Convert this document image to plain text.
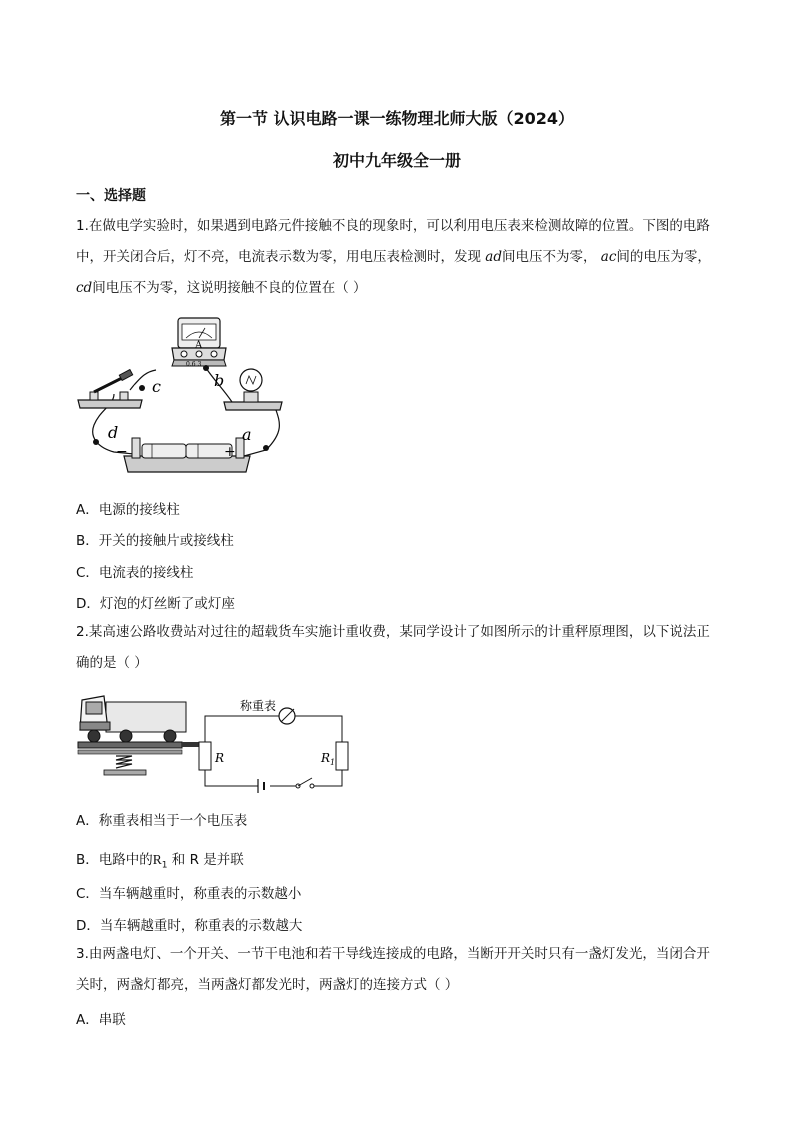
第一节 认识电路一课一练物理北师大版（2024）
初中九年级全一册
一、选择题
1.在做电学实验时，如果遇到电路元件接触不良的现象时，可以利用电压表来检测故障的位置。下图的电路中，开关闭合后，灯不亮，电流表示数为零，用电压表检测时，发现 ad间电压不为零， ac间的电压为零， cd间电压不为零，这说明接触不良的位置在（ ）
A
0.6 3
c	b
d	a
−	+
A．电源的接线柱
B．开关的接触片或接线柱
C．电流表的接线柱
D．灯泡的灯丝断了或灯座
2.某高速公路收费站对过往的超载货车实施计重收费，某同学设计了如图所示的计重秤原理图，以下说法正确的是（ ）
称重表
R	$R_1$
A．称重表相当于一个电压表
B．电路中的$R_1$ 和 R 是并联
C．当车辆越重时，称重表的示数越小
D．当车辆越重时，称重表的示数越大
3.由两盏电灯、一个开关、一节干电池和若干导线连接成的电路，当断开开关时只有一盏灯发光，当闭合开关时，两盏灯都亮，当两盏灯都发光时，两盏灯的连接方式（ ）
A．串联
